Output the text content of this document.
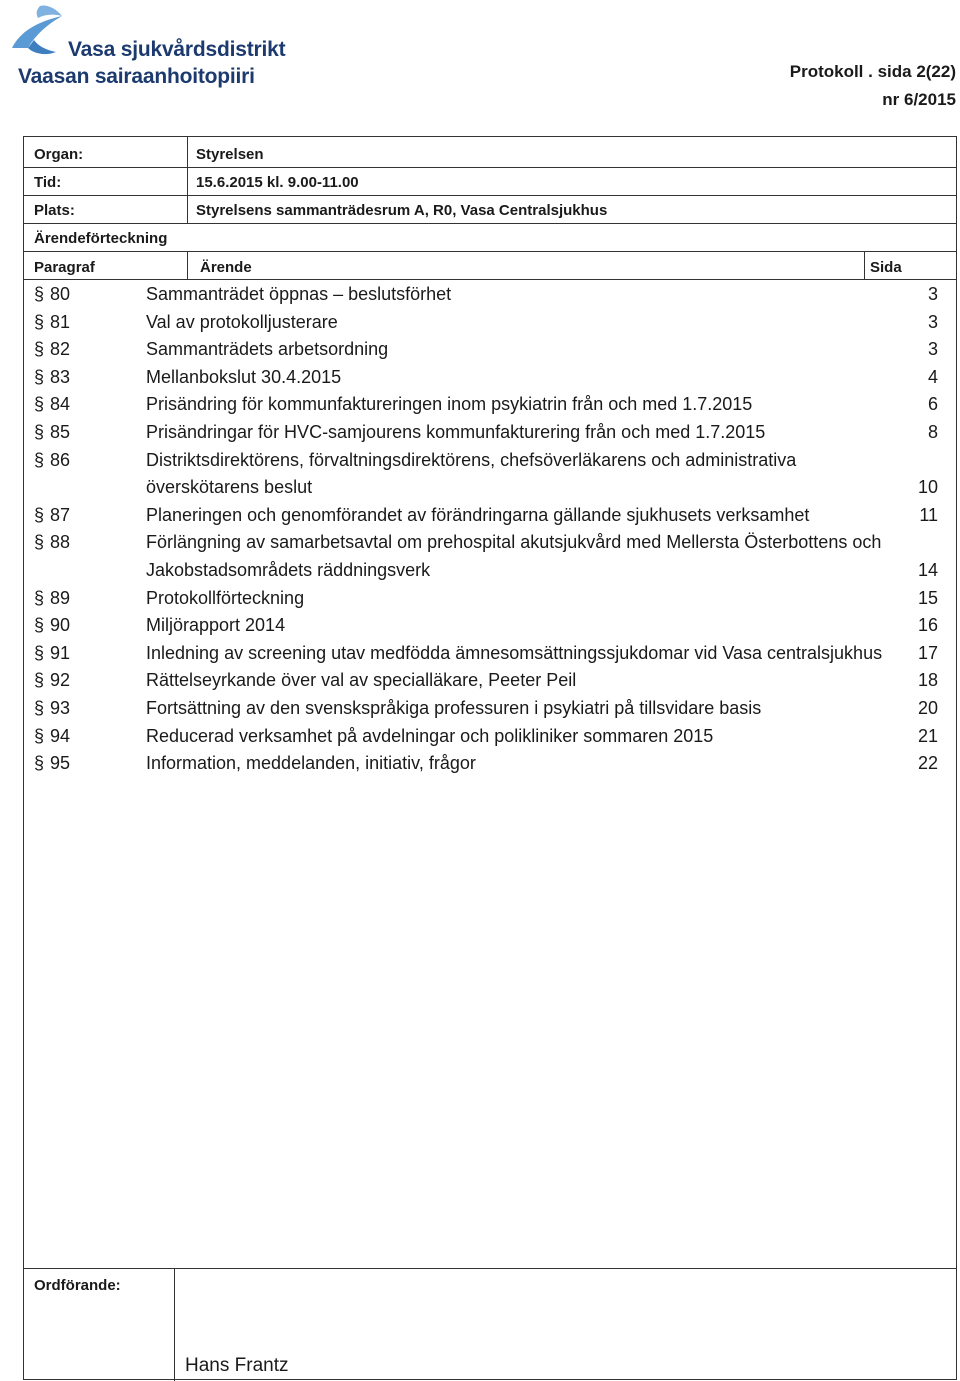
Vasa sjukvårdsdistrikt
Vaasan sairaanhoitopiiri	Protokoll . sida 2(22)
nr 6/2015
Organ:	Styrelsen
Tid:	15.6.2015 kl. 9.00-11.00
Plats:	Styrelsens sammanträdesrum A, R0, Vasa Centralsjukhus
Ärendeförteckning
Paragraf	Ärende	Sida
§ 80	Sammanträdet öppnas – beslutsförhet	3
§ 81	Val av protokolljusterare	3
§ 82	Sammanträdets arbetsordning	3
§ 83	Mellanbokslut 30.4.2015	4
§ 84	Prisändring för kommunfaktureringen inom psykiatrin från och med 1.7.2015	6
§ 85	Prisändringar för HVC-samjourens kommunfakturering från och med 1.7.2015	8
§ 86	Distriktsdirektörens, förvaltningsdirektörens, chefsöverläkarens och administrativa överskötarens beslut	10
§ 87	Planeringen och genomförandet av förändringarna gällande sjukhusets verksamhet	11
§ 88	Förlängning av samarbetsavtal om prehospital akutsjukvård med Mellersta Österbottens och Jakobstadsområdets räddningsverk	14
§ 89	Protokollförteckning	15
§ 90	Miljörapport 2014	16
§ 91	Inledning av screening utav medfödda ämnesomsättningssjukdomar vid Vasa centralsjukhus	17
§ 92	Rättelseyrkande över val av specialläkare, Peeter Peil	18
§ 93	Fortsättning av den svenskspråkiga professuren i psykiatri på tillsvidare basis	20
§ 94	Reducerad verksamhet på avdelningar och polikliniker sommaren 2015	21
§ 95	Information, meddelanden, initiativ, frågor	22
Ordförande:
Hans Frantz
